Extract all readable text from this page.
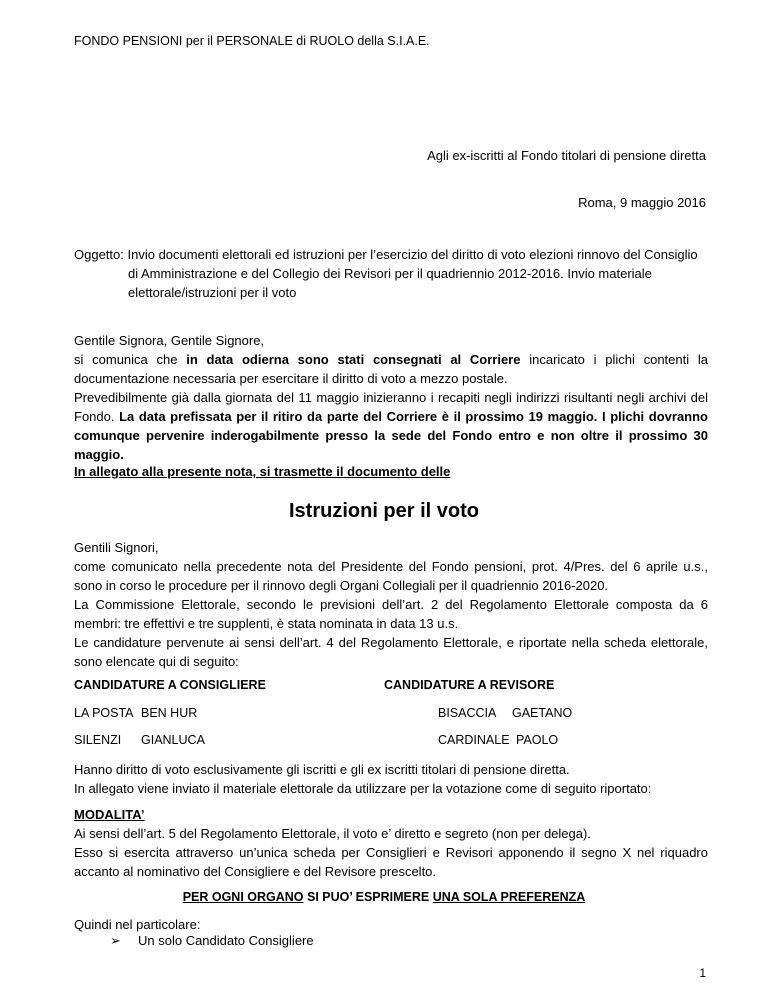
FONDO PENSIONI per il PERSONALE di RUOLO della S.I.A.E.
Agli ex-iscritti al Fondo titolari di pensione diretta
Roma, 9 maggio 2016
Oggetto: Invio documenti elettorali ed istruzioni per l’esercizio del diritto di voto elezioni rinnovo del Consiglio
di Amministrazione e del Collegio dei Revisori per il quadriennio 2012-2016. Invio materiale
elettorale/istruzioni per il voto

Gentile Signora, Gentile Signore,

si comunica che in data odierna sono stati consegnati al Corriere incaricato i plichi contenti la documentazione necessaria per esercitare il diritto di voto a mezzo postale.

Prevedibilmente già dalla giornata del 11 maggio inizieranno i recapiti negli indirizzi risultanti negli archivi del Fondo. La data prefissata per il ritiro da parte del Corriere è il prossimo 19 maggio. I plichi dovranno comunque pervenire inderogabilmente presso la sede del Fondo entro e non oltre il prossimo 30 maggio.

In allegato alla presente nota, si trasmette il documento delle

Istruzioni per il voto

Gentili Signori,

come comunicato nella precedente nota del Presidente del Fondo pensioni, prot. 4/Pres. del 6 aprile u.s., sono in corso le procedure per il rinnovo degli Organi Collegiali per il quadriennio 2016-2020.

La Commissione Elettorale, secondo le previsioni dell’art. 2 del Regolamento Elettorale composta da 6 membri: tre effettivi e tre supplenti, è stata nominata in data 13 u.s.

Le candidature pervenute ai sensi dell’art. 4 del Regolamento Elettorale, e riportate nella scheda elettorale, sono elencate qui di seguito:

CANDIDATURE A CONSIGLIERE	CANDIDATURE A REVISORE
LA POSTA BEN HUR
SILENZI GIANLUCA
BISACCIA GAETANO
CARDINALE PAOLO

Hanno diritto di voto esclusivamente gli iscritti e gli ex iscritti titolari di pensione diretta.

In allegato viene inviato il materiale elettorale da utilizzare per la votazione come di seguito riportato:

MODALITA’

Ai sensi dell’art. 5 del Regolamento Elettorale, il voto e’ diretto e segreto (non per delega).

Esso si esercita attraverso un’unica scheda per Consiglieri e Revisori apponendo il segno X nel riquadro accanto al nominativo del Consigliere e del Revisore prescelto.

PER OGNI ORGANO SI PUO’ ESPRIMERE UNA SOLA PREFERENZA

Quindi nel particolare:

➢ Un solo Candidato Consigliere
1
